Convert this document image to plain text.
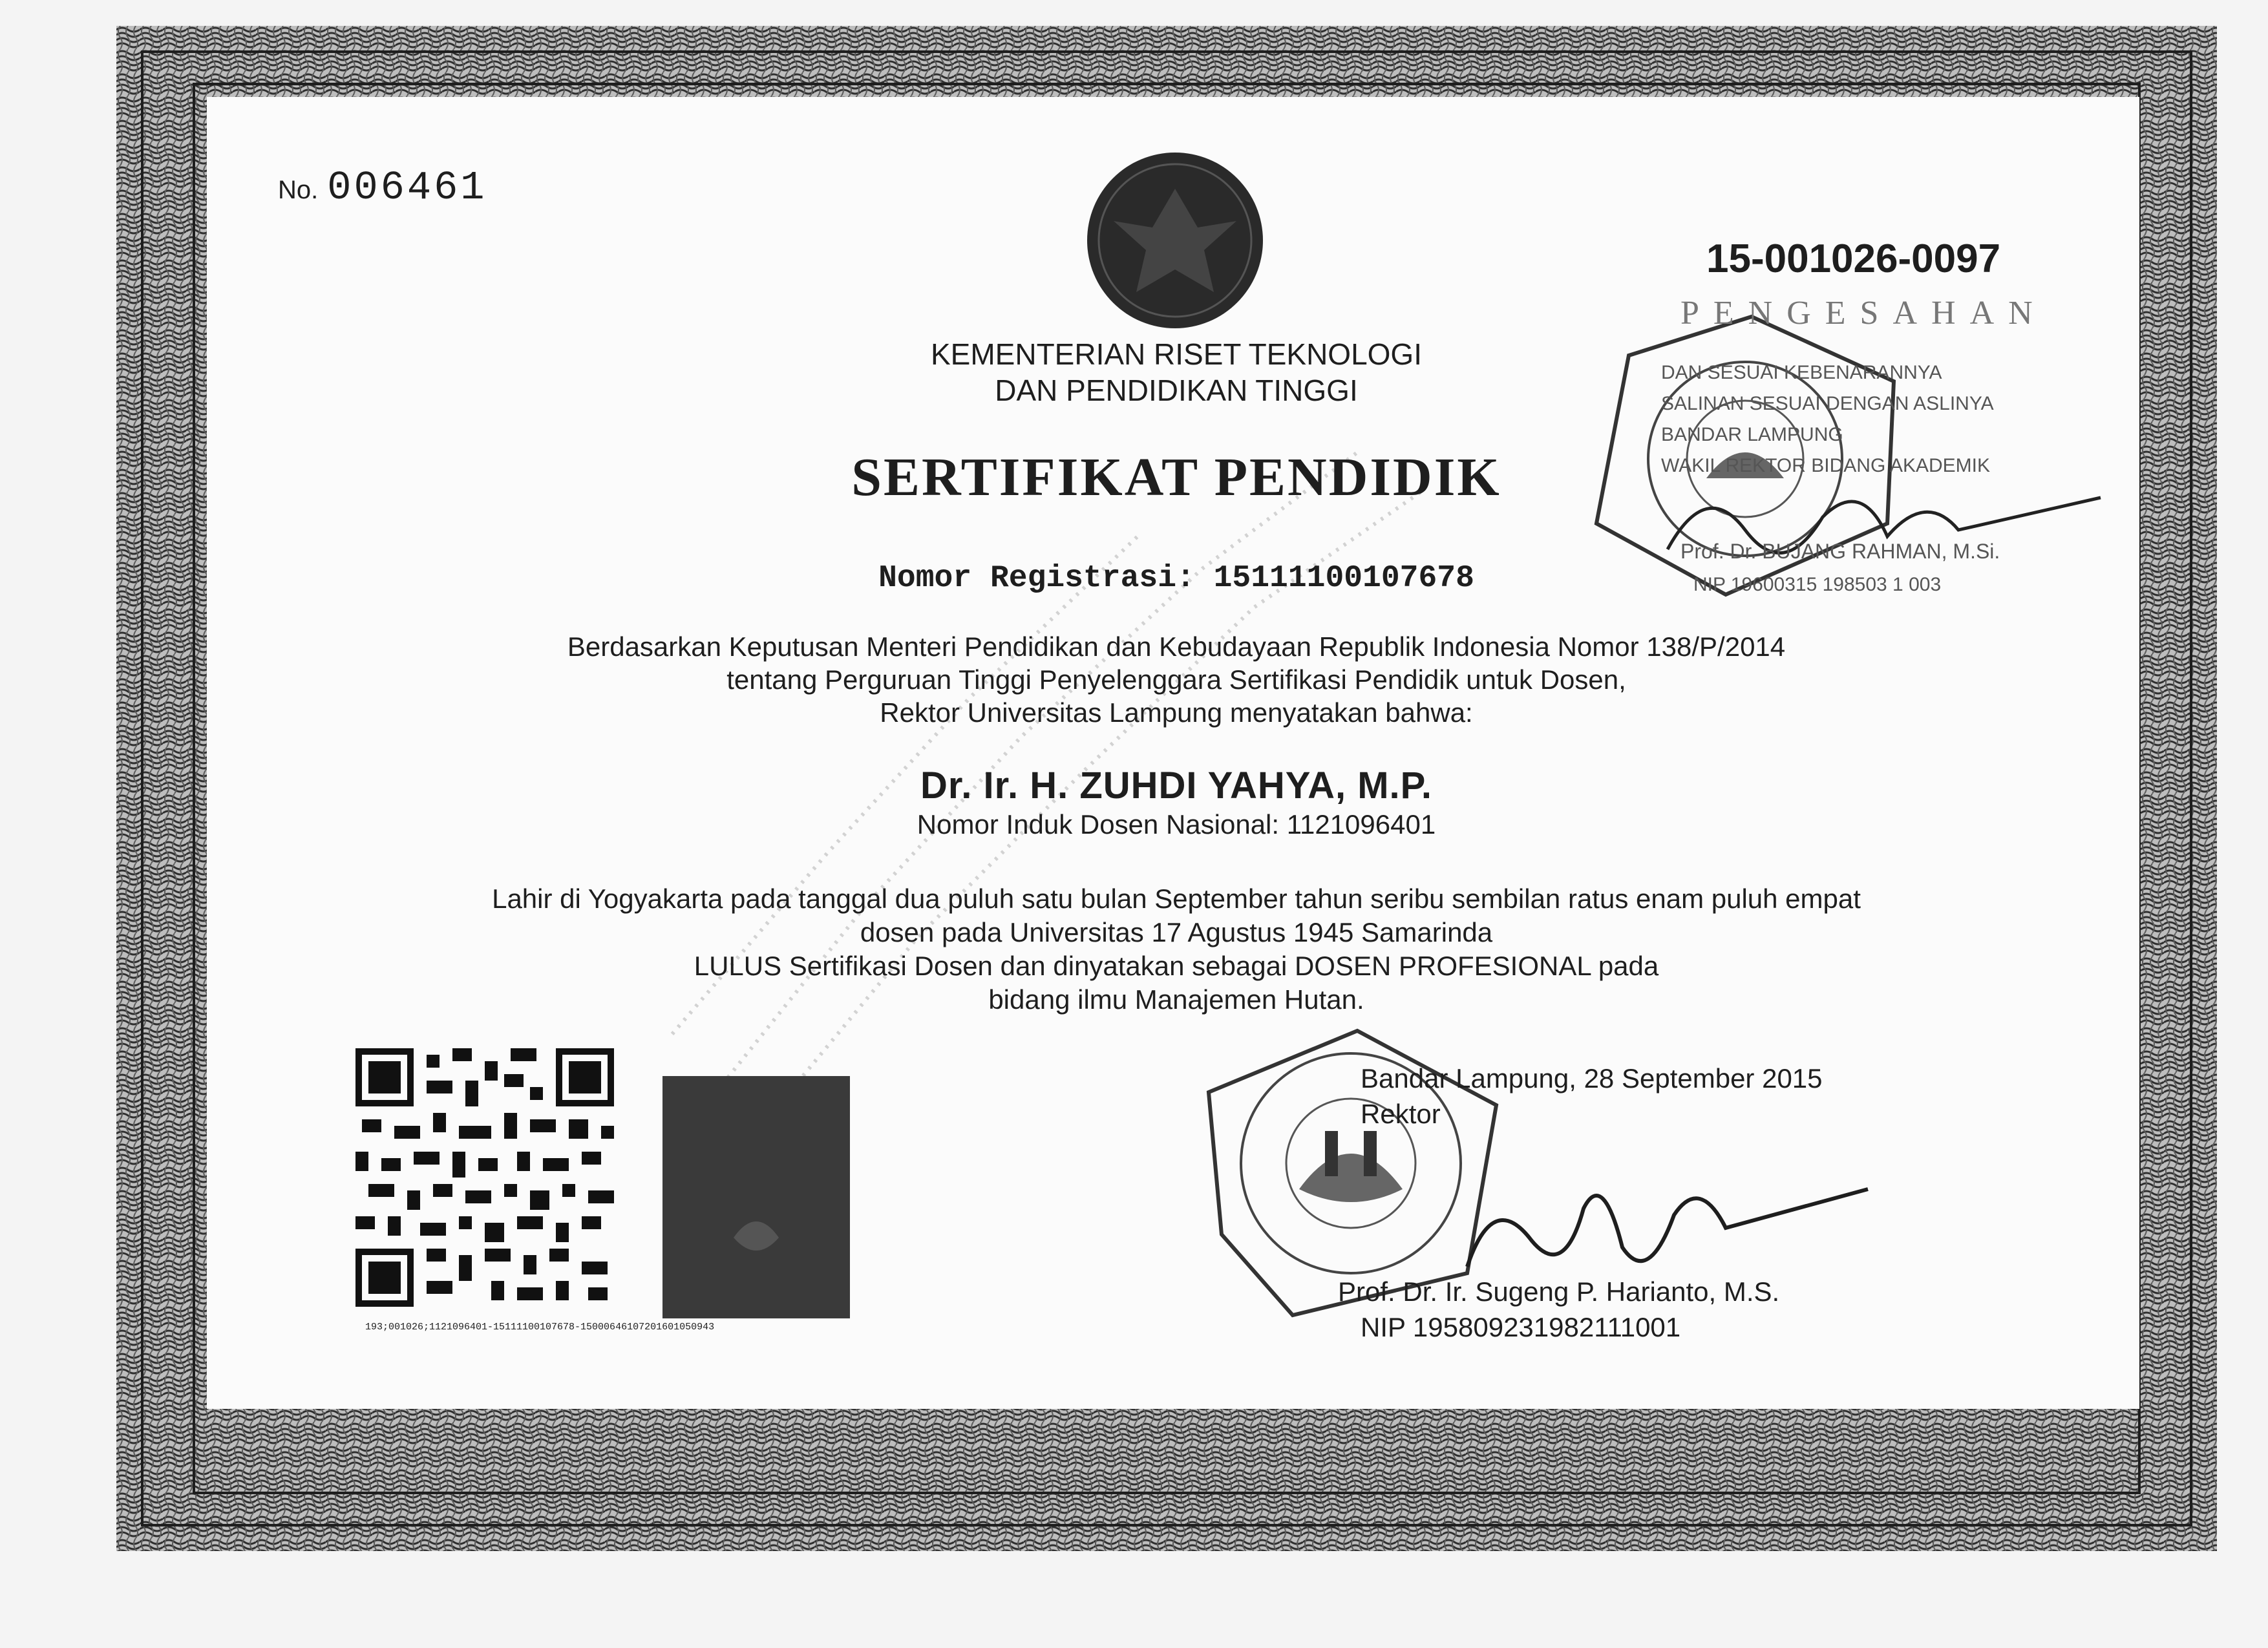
No. 006461
15-001026-0097
PENGESAHAN
DAN SESUAI KEBENARANNYA
SALINAN SESUAI DENGAN ASLINYA
BANDAR LAMPUNG
WAKIL REKTOR BIDANG AKADEMIK
Prof. Dr. BUJANG RAHMAN, M.Si.
NIP 19600315 198503 1 003
KEMENTERIAN RISET TEKNOLOGI
DAN PENDIDIKAN TINGGI
SERTIFIKAT PENDIDIK
Nomor Registrasi: 151111001076​78
Berdasarkan Keputusan Menteri Pendidikan dan Kebudayaan Republik Indonesia Nomor 138/P/2014
tentang Perguruan Tinggi Penyelenggara Sertifikasi Pendidik untuk Dosen,
Rektor Universitas Lampung menyatakan bahwa:
Dr. Ir. H. ZUHDI YAHYA, M.P.
Nomor Induk Dosen Nasional: 1121096401
Lahir di Yogyakarta pada tanggal dua puluh satu bulan September tahun seribu sembilan ratus enam puluh empat
dosen pada Universitas 17 Agustus 1945 Samarinda
LULUS Sertifikasi Dosen dan dinyatakan sebagai DOSEN PROFESIONAL pada
bidang ilmu Manajemen Hutan.
Bandar Lampung, 28 September 2015
Rektor
Prof. Dr. Ir. Sugeng P. Harianto, M.S.
NIP 195809231982111001
193;001026;1121096401-151111001076​78-150006461072016010509​43
